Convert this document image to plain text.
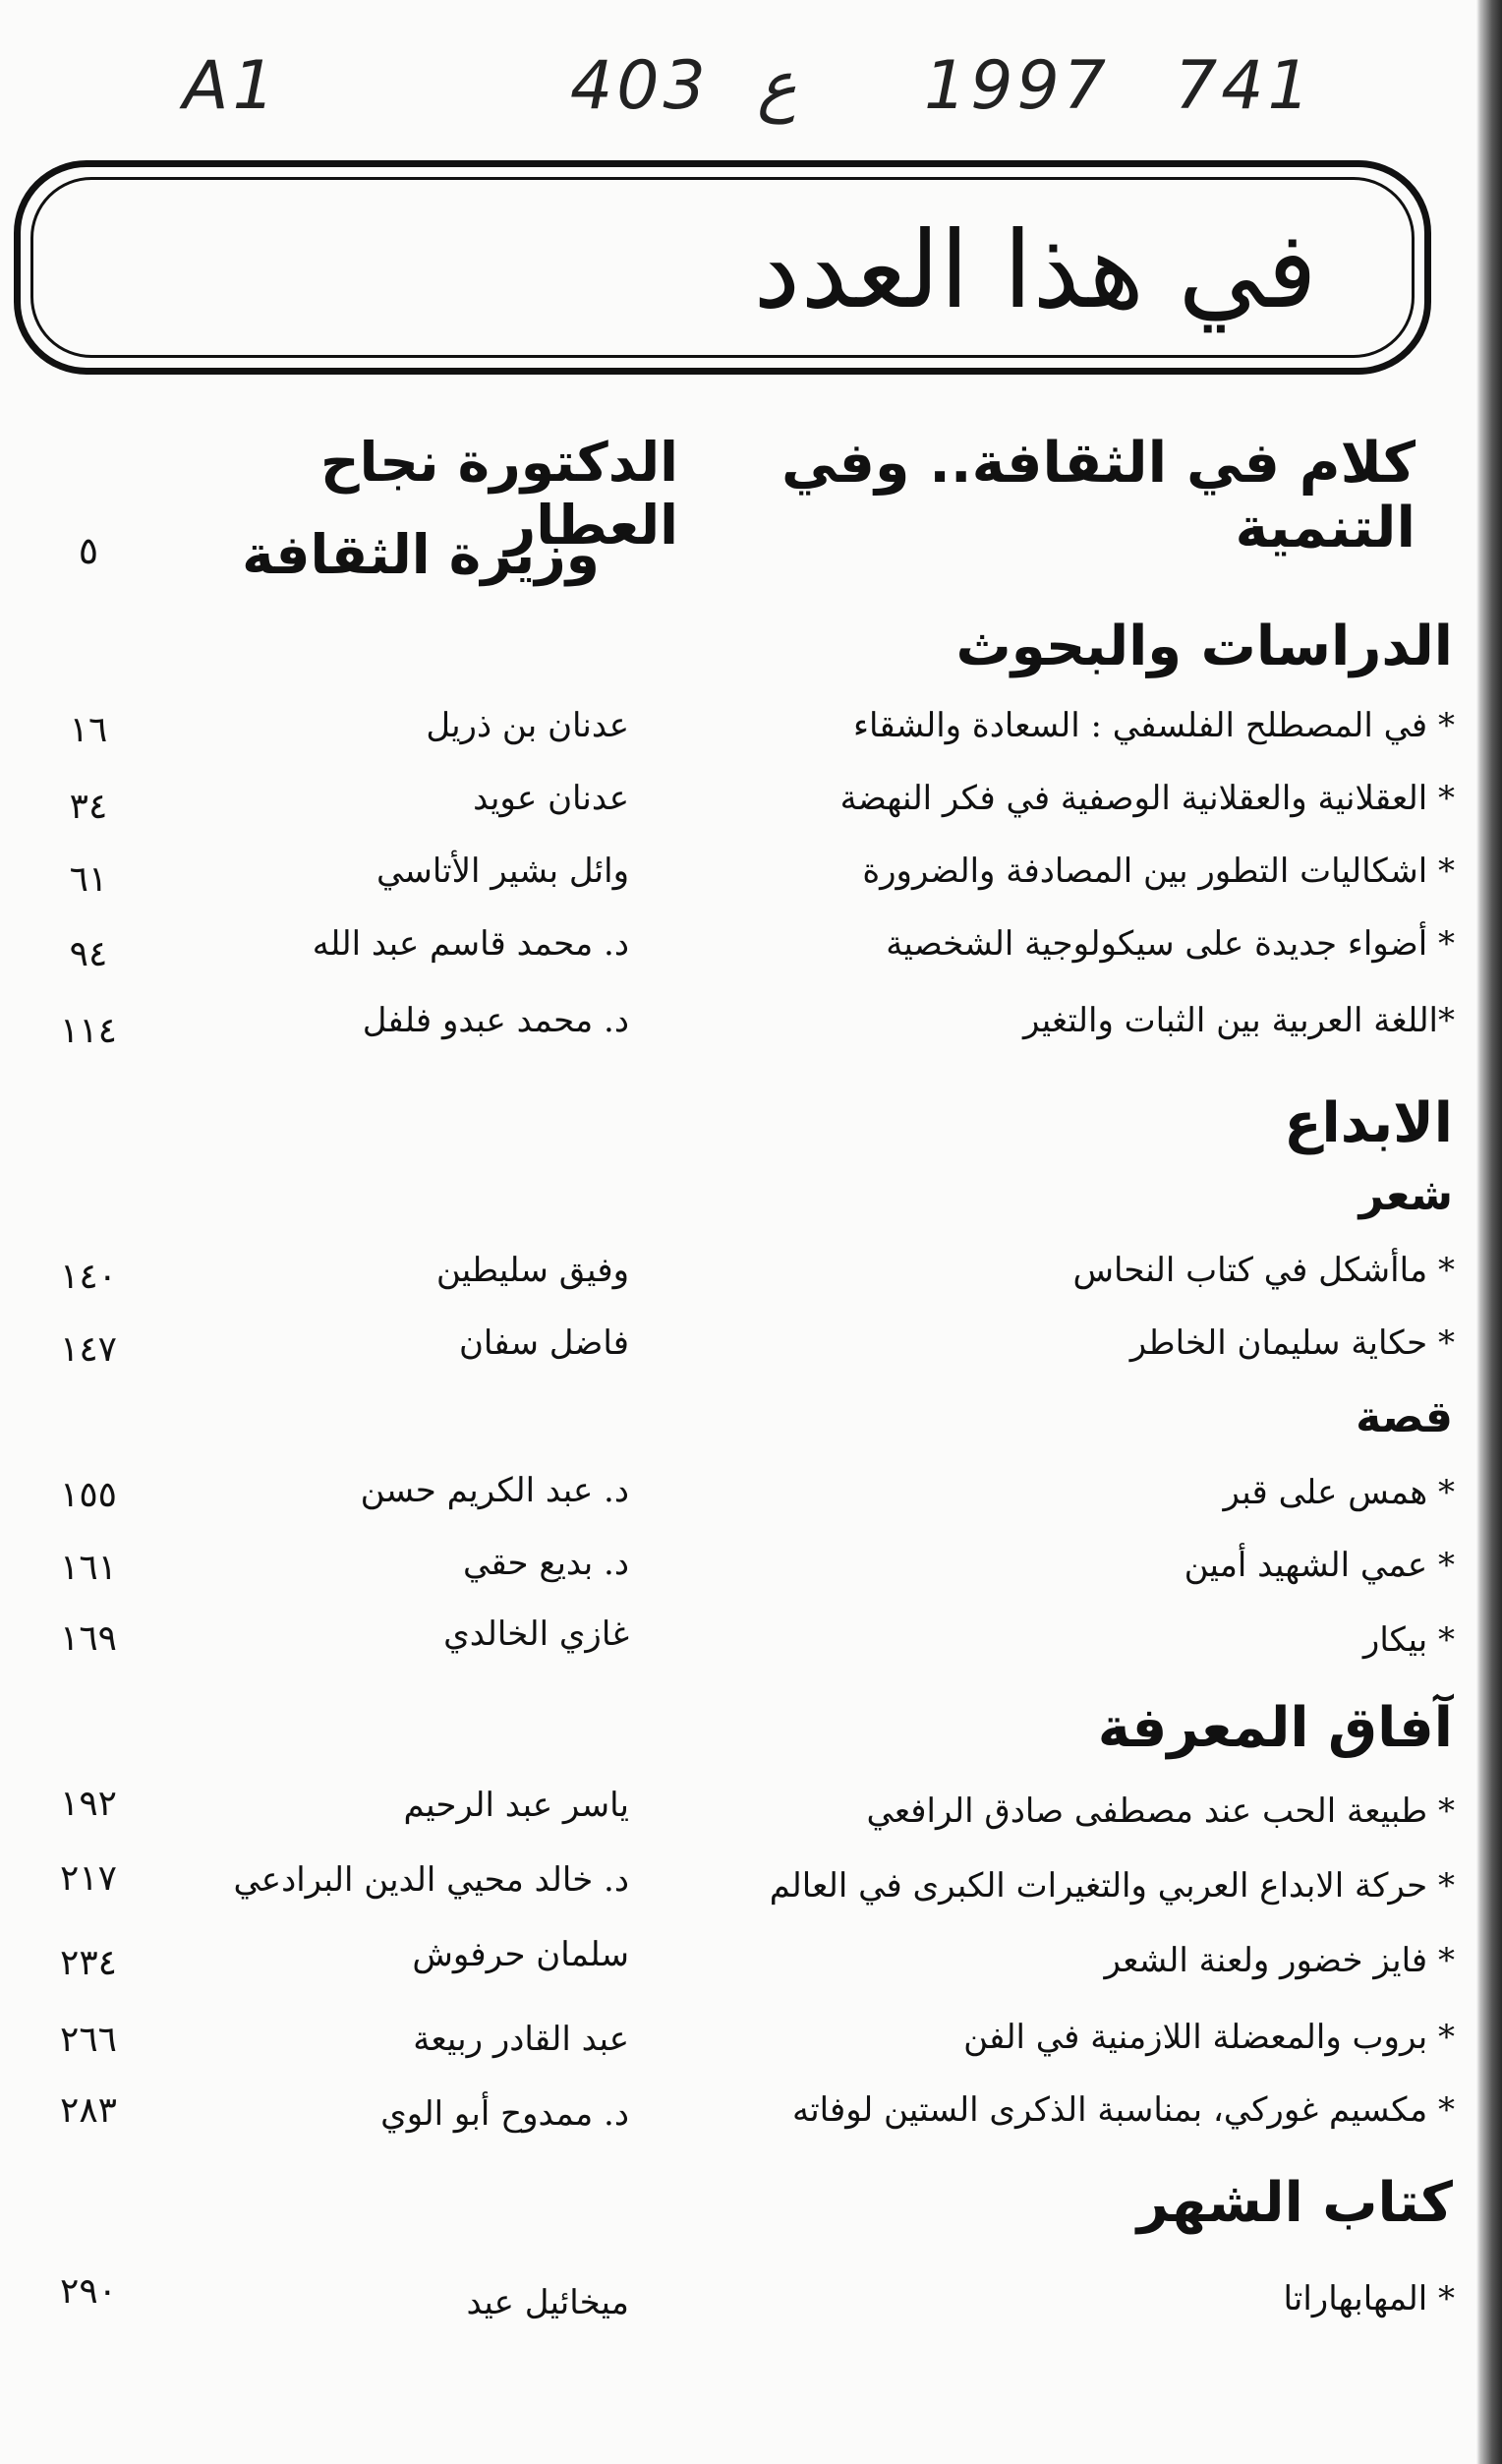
A1	403 ع 1997 741
في هذا العدد
كلام في الثقافة.. وفي التنمية
الدكتورة نجاح العطار
وزيرة الثقافة
٥
الدراسات والبحوث
* في المصطلح الفلسفي : السعادة والشقاء
عدنان بن ذريل
١٦
* العقلانية والعقلانية الوصفية في فكر النهضة
عدنان عويد
٣٤
* اشكاليات التطور بين المصادفة والضرورة
وائل بشير الأتاسي
٦١
* أضواء جديدة على سيكولوجية الشخصية
د. محمد قاسم عبد الله
٩٤
*اللغة العربية بين الثبات والتغير
د. محمد عبدو فلفل
١١٤
الابداع
شعر
* ماأشكل في كتاب النحاس
وفيق سليطين
١٤٠
* حكاية سليمان الخاطر
فاضل سفان
١٤٧
قصة
* همس على قبر
د. عبد الكريم حسن
١٥٥
* عمي الشهيد أمين
د. بديع حقي
١٦١
* بيكار
غازي الخالدي
١٦٩
آفاق المعرفة
* طبيعة الحب عند مصطفى صادق الرافعي
ياسر عبد الرحيم
١٩٢
* حركة الابداع العربي والتغيرات الكبرى في العالم
د. خالد محيي الدين البرادعي
٢١٧
* فايز خضور ولعنة الشعر
سلمان حرفوش
٢٣٤
* بروب والمعضلة اللازمنية في الفن
عبد القادر ربيعة
٢٦٦
* مكسيم غوركي، بمناسبة الذكرى الستين لوفاته
د. ممدوح أبو الوي
٢٨٣
كتاب الشهر
* المهابهاراتا
ميخائيل عيد
٢٩٠
